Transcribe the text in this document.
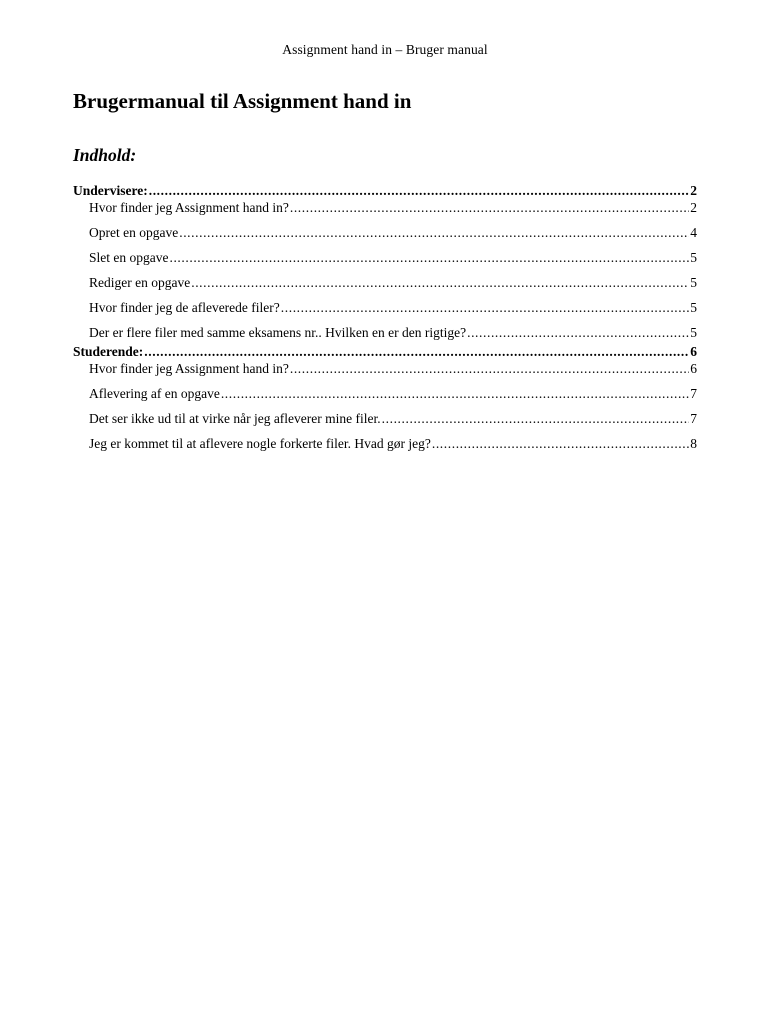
Assignment hand in – Bruger manual
Brugermanual til Assignment hand in
Indhold:
Undervisere: .....	2
Hvor finder jeg Assignment hand in? .....	2
Opret en opgave .....	4
Slet en opgave .....	5
Rediger en opgave .....	5
Hvor finder jeg de afleverede filer? .....	5
Der er flere filer med samme eksamens nr.. Hvilken en er den rigtige? .....	5
Studerende: .....	6
Hvor finder jeg Assignment hand in? .....	6
Aflevering af en opgave .....	7
Det ser ikke ud til at virke når jeg afleverer mine filer. .....	7
Jeg er kommet til at aflevere nogle forkerte filer. Hvad gør jeg? .....	8
